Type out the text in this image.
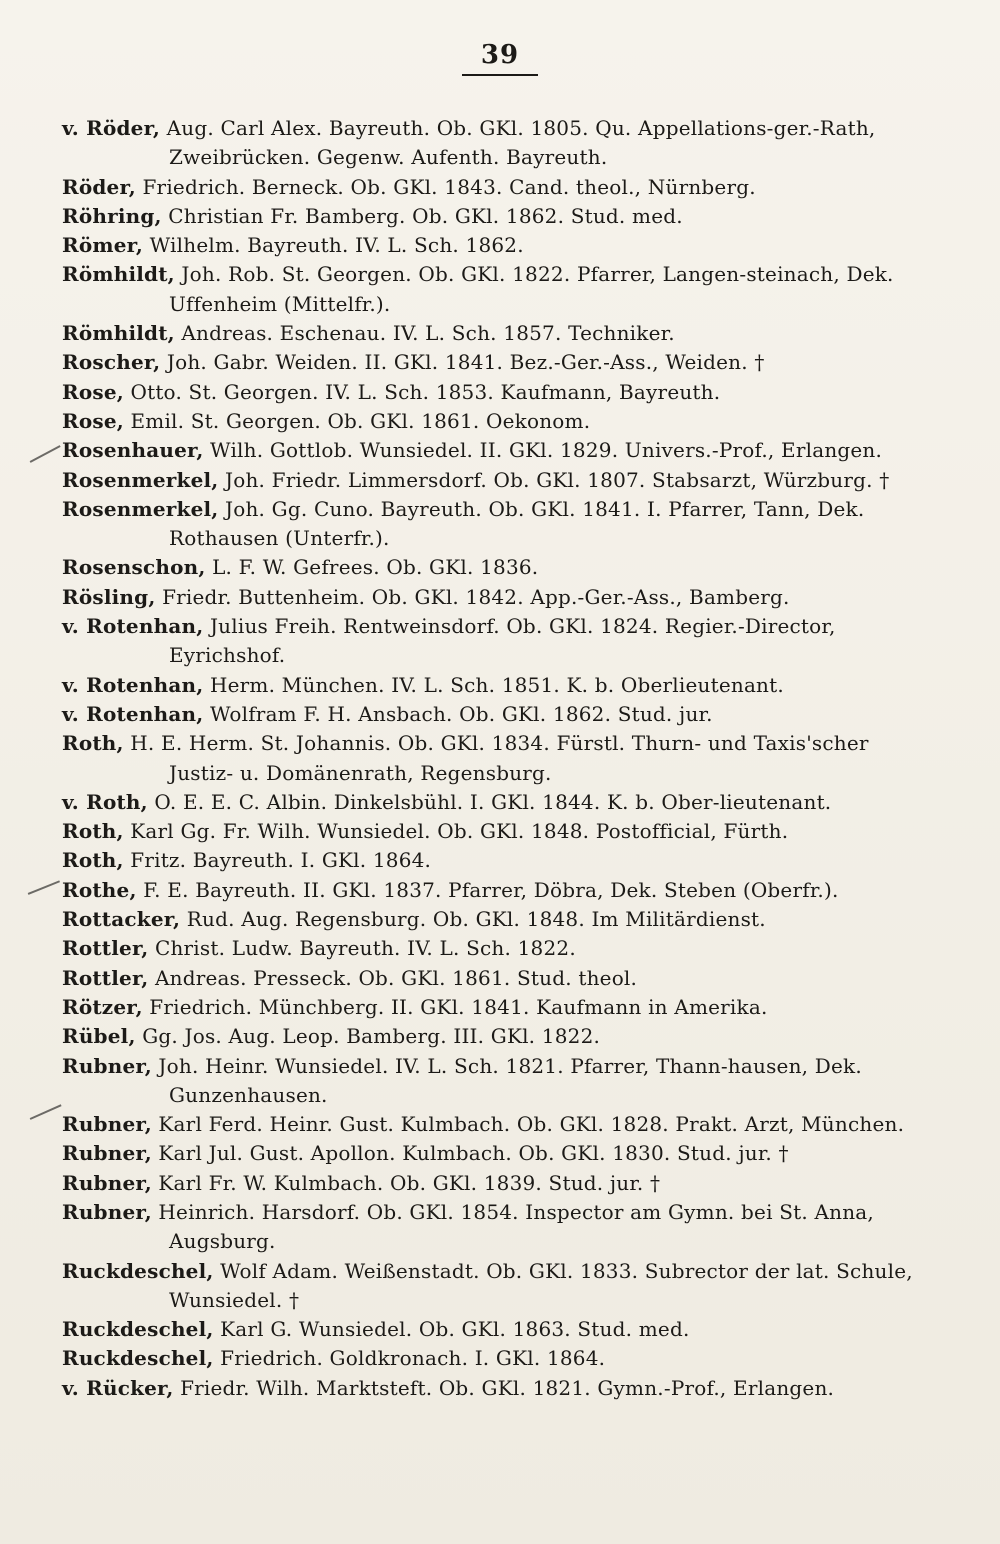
39
v. Röder, Aug. Carl Alex. Bayreuth. Ob. GKl. 1805. Qu. Appellations-ger.-Rath, Zweibrücken. Gegenw. Aufenth. Bayreuth.
Röder, Friedrich. Berneck. Ob. GKl. 1843. Cand. theol., Nürnberg.
Röhring, Christian Fr. Bamberg. Ob. GKl. 1862. Stud. med.
Römer, Wilhelm. Bayreuth. IV. L. Sch. 1862.
Römhildt, Joh. Rob. St. Georgen. Ob. GKl. 1822. Pfarrer, Langen-steinach, Dek. Uffenheim (Mittelfr.).
Römhildt, Andreas. Eschenau. IV. L. Sch. 1857. Techniker.
Roscher, Joh. Gabr. Weiden. II. GKl. 1841. Bez.-Ger.-Ass., Weiden. †
Rose, Otto. St. Georgen. IV. L. Sch. 1853. Kaufmann, Bayreuth.
Rose, Emil. St. Georgen. Ob. GKl. 1861. Oekonom.
Rosenhauer, Wilh. Gottlob. Wunsiedel. II. GKl. 1829. Univers.-Prof., Erlangen.
Rosenmerkel, Joh. Friedr. Limmersdorf. Ob. GKl. 1807. Stabsarzt, Würzburg. †
Rosenmerkel, Joh. Gg. Cuno. Bayreuth. Ob. GKl. 1841. I. Pfarrer, Tann, Dek. Rothausen (Unterfr.).
Rosenschon, L. F. W. Gefrees. Ob. GKl. 1836.
Rösling, Friedr. Buttenheim. Ob. GKl. 1842. App.-Ger.-Ass., Bamberg.
v. Rotenhan, Julius Freih. Rentweinsdorf. Ob. GKl. 1824. Regier.-Director, Eyrichshof.
v. Rotenhan, Herm. München. IV. L. Sch. 1851. K. b. Oberlieutenant.
v. Rotenhan, Wolfram F. H. Ansbach. Ob. GKl. 1862. Stud. jur.
Roth, H. E. Herm. St. Johannis. Ob. GKl. 1834. Fürstl. Thurn- und Taxis'scher Justiz- u. Domänenrath, Regensburg.
v. Roth, O. E. E. C. Albin. Dinkelsbühl. I. GKl. 1844. K. b. Ober-lieutenant.
Roth, Karl Gg. Fr. Wilh. Wunsiedel. Ob. GKl. 1848. Postofficial, Fürth.
Roth, Fritz. Bayreuth. I. GKl. 1864.
Rothe, F. E. Bayreuth. II. GKl. 1837. Pfarrer, Döbra, Dek. Steben (Oberfr.).
Rottacker, Rud. Aug. Regensburg. Ob. GKl. 1848. Im Militärdienst.
Rottler, Christ. Ludw. Bayreuth. IV. L. Sch. 1822.
Rottler, Andreas. Presseck. Ob. GKl. 1861. Stud. theol.
Rötzer, Friedrich. Münchberg. II. GKl. 1841. Kaufmann in Amerika.
Rübel, Gg. Jos. Aug. Leop. Bamberg. III. GKl. 1822.
Rubner, Joh. Heinr. Wunsiedel. IV. L. Sch. 1821. Pfarrer, Thann-hausen, Dek. Gunzenhausen.
Rubner, Karl Ferd. Heinr. Gust. Kulmbach. Ob. GKl. 1828. Prakt. Arzt, München.
Rubner, Karl Jul. Gust. Apollon. Kulmbach. Ob. GKl. 1830. Stud. jur. †
Rubner, Karl Fr. W. Kulmbach. Ob. GKl. 1839. Stud. jur. †
Rubner, Heinrich. Harsdorf. Ob. GKl. 1854. Inspector am Gymn. bei St. Anna, Augsburg.
Ruckdeschel, Wolf Adam. Weißenstadt. Ob. GKl. 1833. Subrector der lat. Schule, Wunsiedel. †
Ruckdeschel, Karl G. Wunsiedel. Ob. GKl. 1863. Stud. med.
Ruckdeschel, Friedrich. Goldkronach. I. GKl. 1864.
v. Rücker, Friedr. Wilh. Marktsteft. Ob. GKl. 1821. Gymn.-Prof., Erlangen.
